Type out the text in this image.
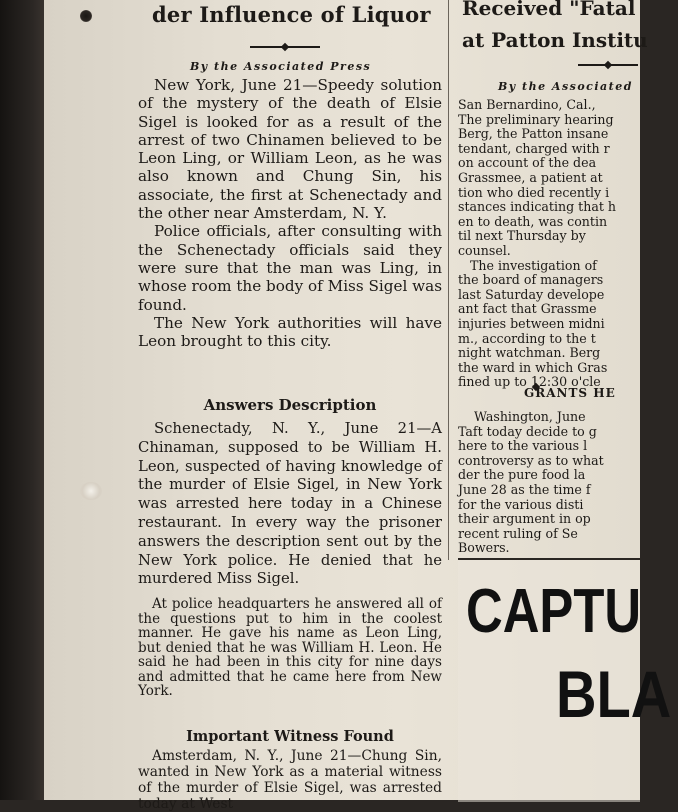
der Influence of Liquor
By the Associated Press

New York, June 21—Speedy solution of the mystery of the death of Elsie Sigel is looked for as a result of the arrest of two Chinamen believed to be Leon Ling, or William Leon, as he was also known and Chung Sin, his associate, the first at Schenectady and the other near Amsterdam, N. Y.

Police officials, after consulting with the Schenectady officials said they were sure that the man was Ling, in whose room the body of Miss Sigel was found.

The New York authorities will have Leon brought to this city.

Answers Description

Schenectady, N. Y., June 21—A Chinaman, supposed to be William H. Leon, suspected of having knowledge of the murder of Elsie Sigel, in New York was arrested here today in a Chinese restaurant. In every way the prisoner answers the description sent out by the New York police. He denied that he murdered Miss Sigel.

At police headquarters he answered all of the questions put to him in the coolest manner. He gave his name as Leon Ling, but denied that he was William H. Leon. He said he had been in this city for nine days and admitted that he came here from New York.

Important Witness Found

Amsterdam, N. Y., June 21—Chung Sin, wanted in New York as a material witness of the murder of Elsie Sigel, was arrested today at West

Received "Fatal
at Patton Institu
By the Associated
San Bernardino, Cal.,
The preliminary hearing
Berg, the Patton insane
tendant, charged with r
on account of the dea
Grassmee, a patient at
tion who died recently i
stances indicating that h
en to death, was contin
til next Thursday by
counsel.
The investigation of
the board of managers
last Saturday develope
ant fact that Grassme
injuries between midni
m., according to the t
night watchman. Berg
the ward in which Gras
fined up to 12:30 o'cle
GRANTS HE
Washington, June
Taft today decide to g
here to the various l
controversy as to what
der the pure food la
June 28 as the time f
for the various disti
their argument in op
recent ruling of Se
Bowers.
CAPTU
BLA
